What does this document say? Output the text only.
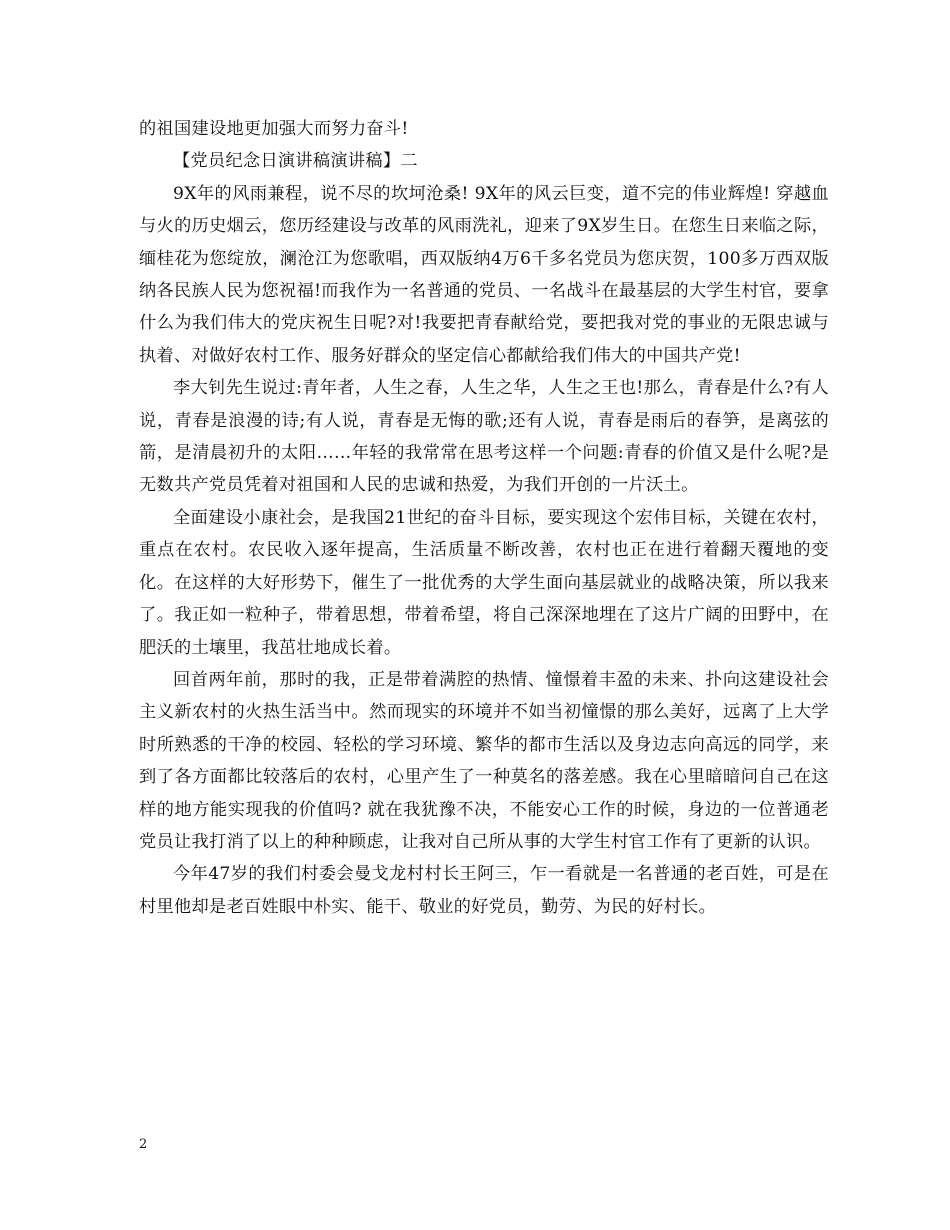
的祖国建设地更加强大而努力奋斗!

【党员纪念日演讲稿演讲稿】二

9X年的风雨兼程，说不尽的坎坷沧桑! 9X年的风云巨变，道不完的伟业辉煌! 穿越血与火的历史烟云，您历经建设与改革的风雨洗礼，迎来了9X岁生日。在您生日来临之际，缅桂花为您绽放，澜沧江为您歌唱，西双版纳4万6千多名党员为您庆贺，100多万西双版纳各民族人民为您祝福!而我作为一名普通的党员、一名战斗在最基层的大学生村官，要拿什么为我们伟大的党庆祝生日呢?对!我要把青春献给党，要把我对党的事业的无限忠诚与执着、对做好农村工作、服务好群众的坚定信心都献给我们伟大的中国共产党!

李大钊先生说过:青年者，人生之春，人生之华，人生之王也!那么，青春是什么?有人说，青春是浪漫的诗;有人说，青春是无悔的歌;还有人说，青春是雨后的春笋，是离弦的箭，是清晨初升的太阳……年轻的我常常在思考这样一个问题:青春的价值又是什么呢?是无数共产党员凭着对祖国和人民的忠诚和热爱，为我们开创的一片沃土。

全面建设小康社会，是我国21世纪的奋斗目标，要实现这个宏伟目标，关键在农村，重点在农村。农民收入逐年提高，生活质量不断改善，农村也正在进行着翻天覆地的变化。在这样的大好形势下，催生了一批优秀的大学生面向基层就业的战略决策，所以我来了。我正如一粒种子，带着思想，带着希望，将自己深深地埋在了这片广阔的田野中，在肥沃的土壤里，我茁壮地成长着。

回首两年前，那时的我，正是带着满腔的热情、憧憬着丰盈的未来、扑向这建设社会主义新农村的火热生活当中。然而现实的环境并不如当初憧憬的那么美好，远离了上大学时所熟悉的干净的校园、轻松的学习环境、繁华的都市生活以及身边志向高远的同学，来到了各方面都比较落后的农村，心里产生了一种莫名的落差感。我在心里暗暗问自己在这样的地方能实现我的价值吗? 就在我犹豫不决，不能安心工作的时候，身边的一位普通老党员让我打消了以上的种种顾虑，让我对自己所从事的大学生村官工作有了更新的认识。

今年47岁的我们村委会曼戈龙村村长王阿三，乍一看就是一名普通的老百姓，可是在村里他却是老百姓眼中朴实、能干、敬业的好党员，勤劳、为民的好村长。

2
